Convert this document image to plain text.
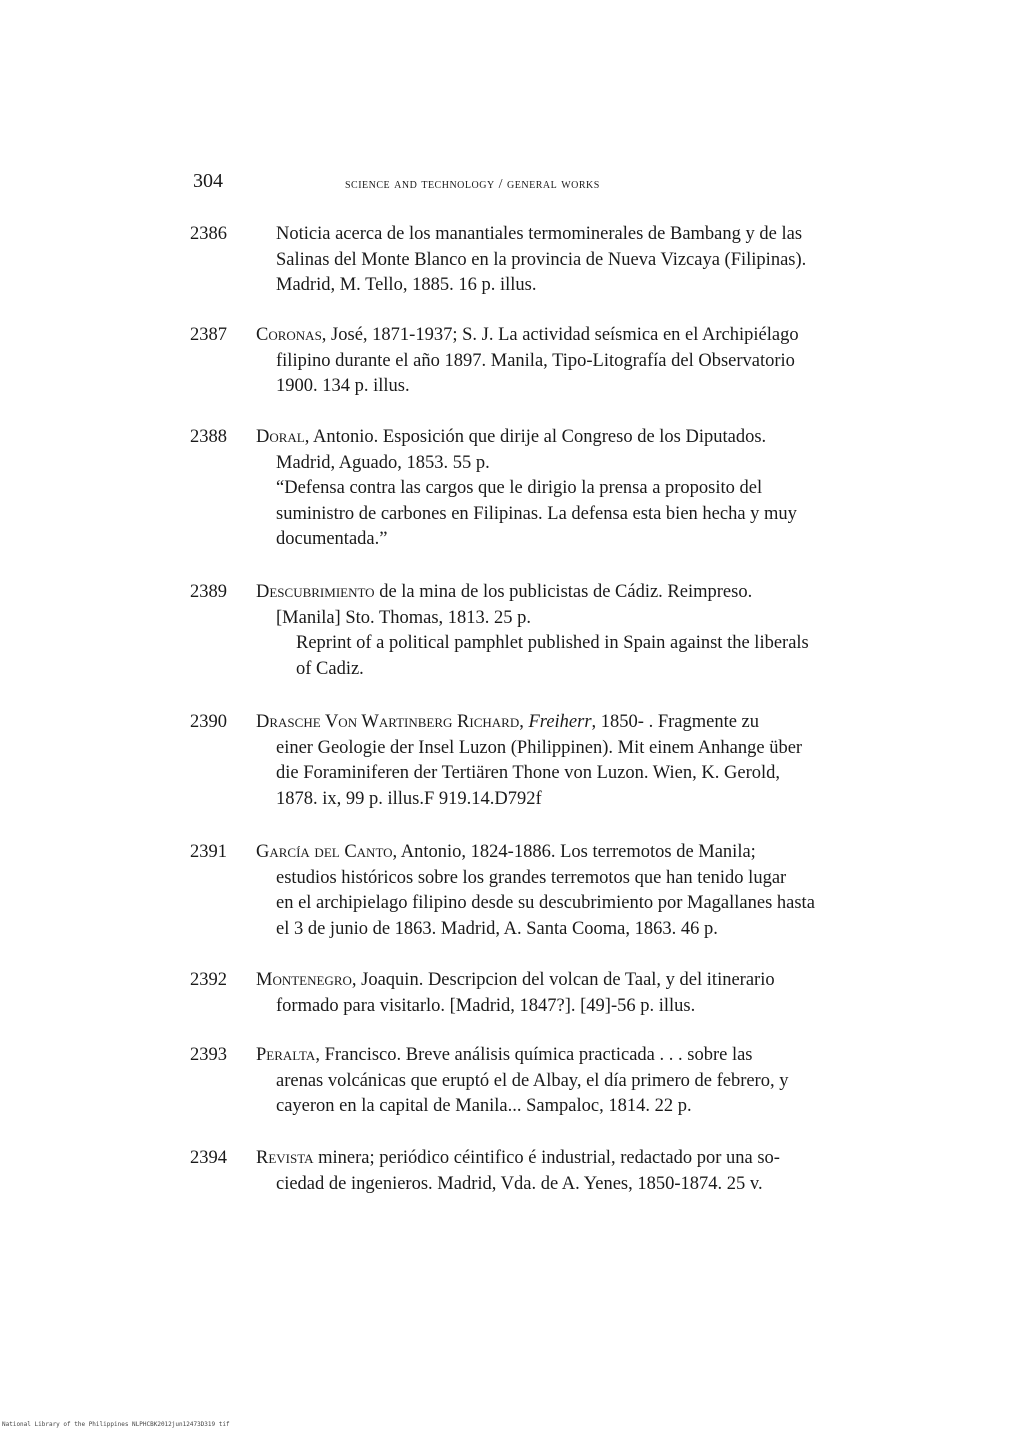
304	science and technology / general works
2386	Noticia acerca de los manantiales termominerales de Bambang y de las
Salinas del Monte Blanco en la provincia de Nueva Vizcaya (Filipinas).
Madrid, M. Tello, 1885. 16 p. illus.
2387 Coronas, José, 1871-1937; S. J. La actividad seísmica en el Archipiélago
filipino durante el año 1897. Manila, Tipo-Litografía del Observatorio
1900. 134 p. illus.
2388 Doral, Antonio. Esposición que dirije al Congreso de los Diputados.
Madrid, Aguado, 1853. 55 p.
“Defensa contra las cargos que le dirigio la prensa a proposito del
suministro de carbones en Filipinas. La defensa esta bien hecha y muy
documentada.”
2389 Descubrimiento de la mina de los publicistas de Cádiz. Reimpreso.
[Manila] Sto. Thomas, 1813. 25 p.
Reprint of a political pamphlet published in Spain against the liberals
of Cadiz.
2390 Drasche Von Wartinberg Richard, Freiherr, 1850- . Fragmente zu
einer Geologie der Insel Luzon (Philippinen). Mit einem Anhange über
die Foraminiferen der Tertiären Thone von Luzon. Wien, K. Gerold,
1878. ix, 99 p. illus.F 919.14.D792f
2391 García del Canto, Antonio, 1824-1886. Los terremotos de Manila;
estudios históricos sobre los grandes terremotos que han tenido lugar
en el archipielago filipino desde su descubrimiento por Magallanes hasta
el 3 de junio de 1863. Madrid, A. Santa Cooma, 1863. 46 p.
2392 Montenegro, Joaquin. Descripcion del volcan de Taal, y del itinerario
formado para visitarlo. [Madrid, 1847?]. [49]-56 p. illus.
2393 Peralta, Francisco. Breve análisis química practicada . . . sobre las
arenas volcánicas que eruptó el de Albay, el día primero de febrero, y
cayeron en la capital de Manila... Sampaloc, 1814. 22 p.
2394 Revista minera; periódico céintifico é industrial, redactado por una so-
ciedad de ingenieros. Madrid, Vda. de A. Yenes, 1850-1874. 25 v.
National Library of the Philippines NLPHCBK2012jun12473D319 tif
